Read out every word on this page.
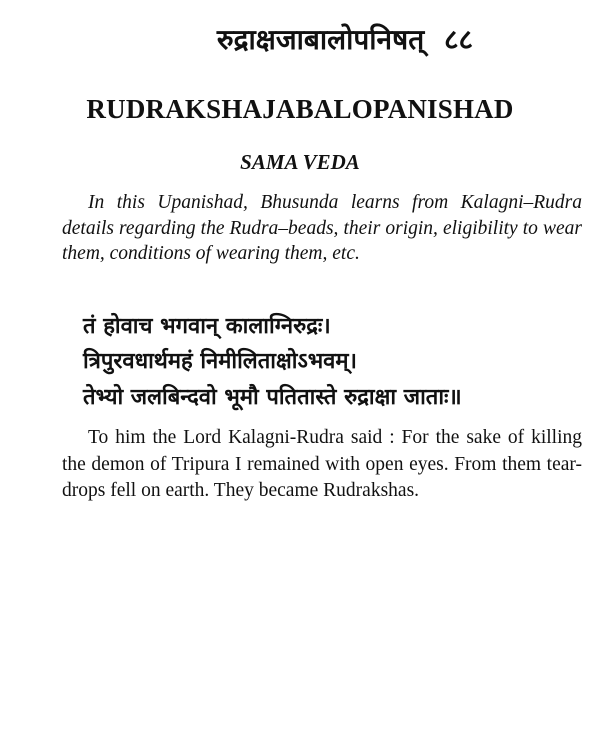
रुद्राक्षजाबालोपनिषत् ८८
RUDRAKSHAJABALOPANISHAD
SAMA VEDA
In this Upanishad, Bhusunda learns from Kalagni–Rudra details regarding the Rudra–beads, their origin, eligibility to wear them, conditions of wearing them, etc.
तं होवाच भगवान् कालाग्निरुद्रः।
त्रिपुरवधार्थमहं निमीलिताक्षोऽभवम्।
तेभ्यो जलबिन्दवो भूमौ पतितास्ते रुद्राक्षा जाताः॥
To him the Lord Kalagni-Rudra said : For the sake of killing the demon of Tripura I remained with open eyes. From them tear-drops fell on earth. They became Rudrakshas.
